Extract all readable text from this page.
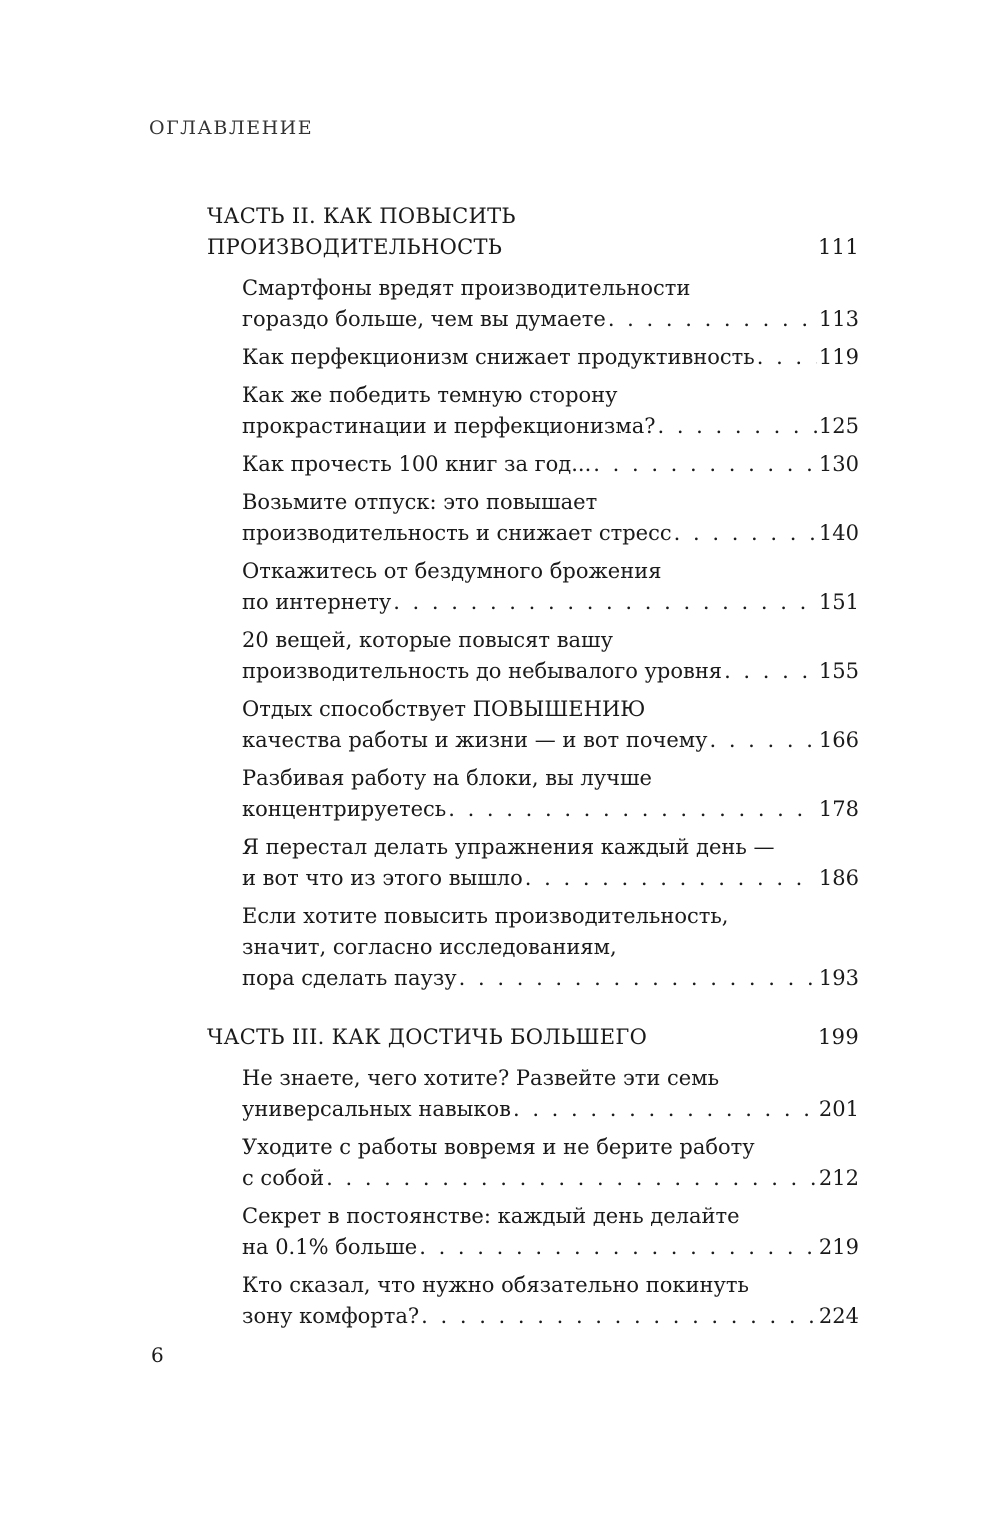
ОГЛАВЛЕНИЕ
ЧАСТЬ II. КАК ПОВЫСИТЬ
ПРОИЗВОДИТЕЛЬНОСТЬ	111
Смартфоны вредят производительности
гораздо больше, чем вы думаете . . .	113
Как перфекционизм снижает продуктивность . . .	119
Как же победить темную сторону
прокрастинации и перфекционизма? . . .	125
Как прочесть 100 книг за год... . . .	130
Возьмите отпуск: это повышает
производительность и снижает стресс . . .	140
Откажитесь от бездумного брожения
по интернету . . .	151
20 вещей, которые повысят вашу
производительность до небывалого уровня . . .	155
Отдых способствует ПОВЫШЕНИЮ
качества работы и жизни — и вот почему . . .	166
Разбивая работу на блоки, вы лучше
концентрируетесь . . .	178
Я перестал делать упражнения каждый день —
и вот что из этого вышло . . .	186
Если хотите повысить производительность,
значит, согласно исследованиям,
пора сделать паузу . . .	193
ЧАСТЬ III. КАК ДОСТИЧЬ БОЛЬШЕГО	199
Не знаете, чего хотите? Развейте эти семь
универсальных навыков . . .	201
Уходите с работы вовремя и не берите работу
с собой . . .	212
Секрет в постоянстве: каждый день делайте
на 0.1% больше . . .	219
Кто сказал, что нужно обязательно покинуть
зону комфорта? . . .	224
6
